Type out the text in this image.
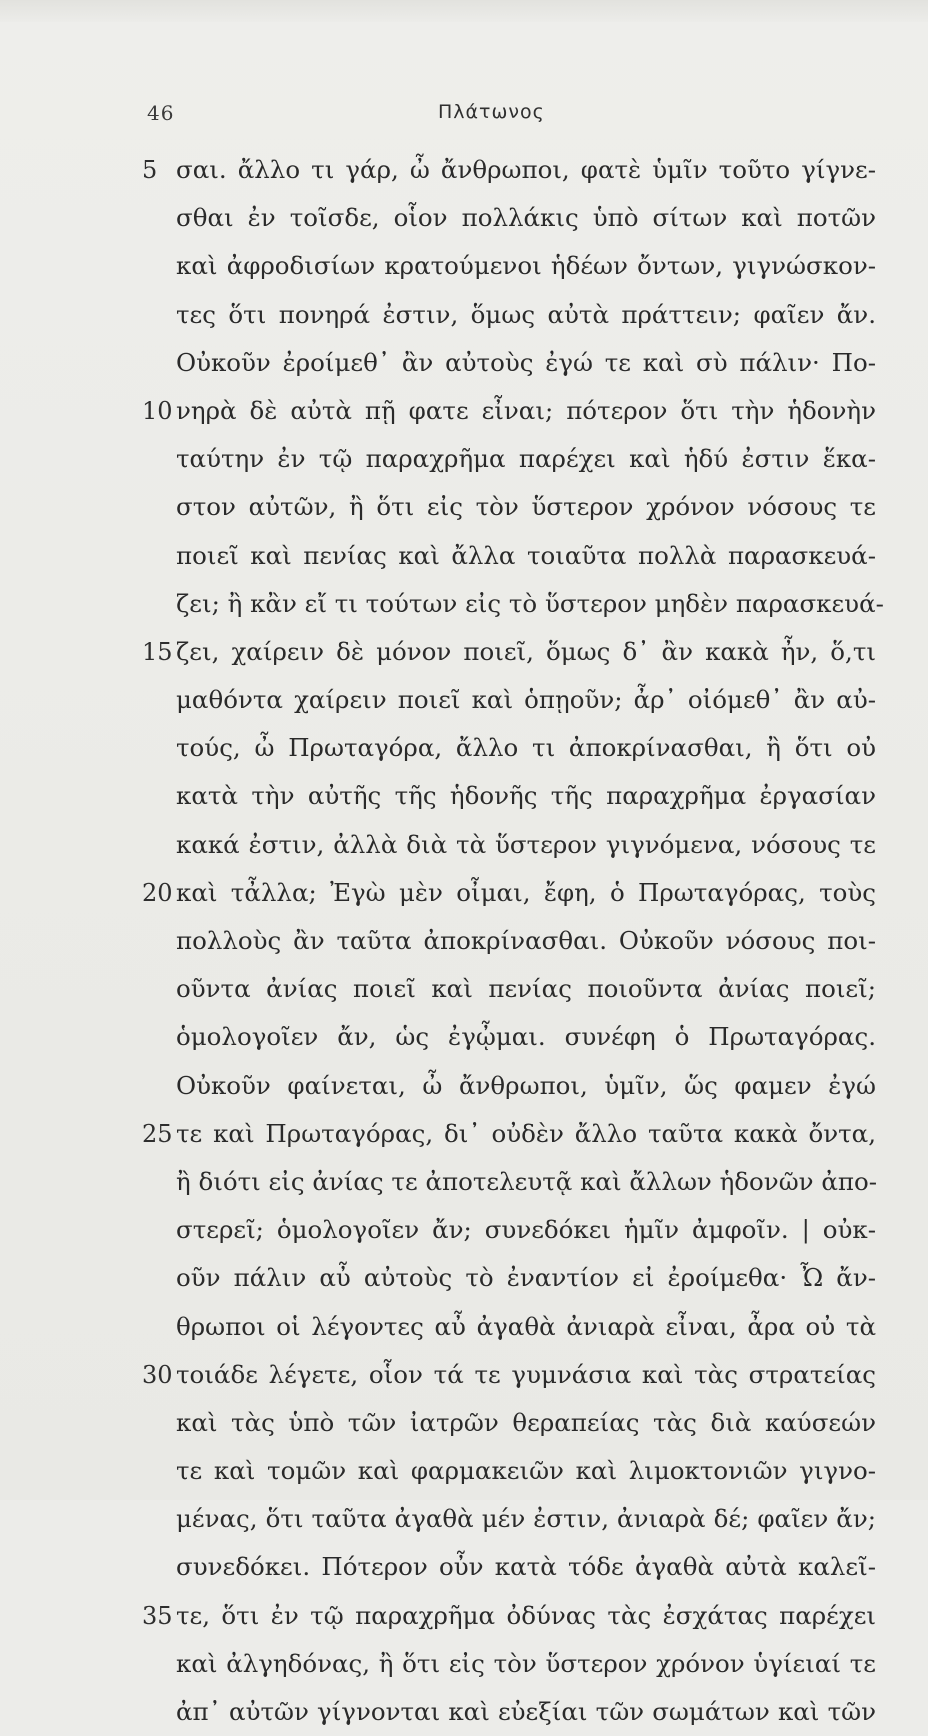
46	Πλάτωνος
5 σαι. ἄλλο τι γάρ, ὦ ἄνθρωποι, φατὲ ὑμῖν τοῦτο γίγνε-
σθαι ἐν τοῖσδε, οἷον πολλάκις ὑπὸ σίτων καὶ ποτῶν
καὶ ἀφροδισίων κρατούμενοι ἡδέων ὄντων, γιγνώσκον-
τες ὅτι πονηρά ἐστιν, ὅμως αὐτὰ πράττειν; φαῖεν ἄν.
Οὐκοῦν ἐροίμεθ᾽ ἂν αὐτοὺς ἐγώ τε καὶ σὺ πάλιν· Πο-
10 νηρὰ δὲ αὐτὰ πῇ φατε εἶναι; πότερον ὅτι τὴν ἡδονὴν
ταύτην ἐν τῷ παραχρῆμα παρέχει καὶ ἡδύ ἐστιν ἕκα-
στον αὐτῶν, ἢ ὅτι εἰς τὸν ὕστερον χρόνον νόσους τε
ποιεῖ καὶ πενίας καὶ ἄλλα τοιαῦτα πολλὰ παρασκευά-
ζει; ἢ κἂν εἴ τι τούτων εἰς τὸ ὕστερον μηδὲν παρασκευά-
15 ζει, χαίρειν δὲ μόνον ποιεῖ, ὅμως δ᾽ ἂν κακὰ ἦν, ὅ,τι
μαθόντα χαίρειν ποιεῖ καὶ ὁπῃοῦν; ἆρ᾽ οἰόμεθ᾽ ἂν αὐ-
τούς, ὦ Πρωταγόρα, ἄλλο τι ἀποκρίνασθαι, ἢ ὅτι οὐ
κατὰ τὴν αὐτῆς τῆς ἡδονῆς τῆς παραχρῆμα ἐργασίαν
κακά ἐστιν, ἀλλὰ διὰ τὰ ὕστερον γιγνόμενα, νόσους τε
20 καὶ τἆλλα; Ἐγὼ μὲν οἶμαι, ἔφη, ὁ Πρωταγόρας, τοὺς
πολλοὺς ἂν ταῦτα ἀποκρίνασθαι. Οὐκοῦν νόσους ποι-
οῦντα ἀνίας ποιεῖ καὶ πενίας ποιοῦντα ἀνίας ποιεῖ;
ὁμολογοῖεν ἄν, ὡς ἐγᾦμαι. συνέφη ὁ Πρωταγόρας.
Οὐκοῦν φαίνεται, ὦ ἄνθρωποι, ὑμῖν, ὥς φαμεν ἐγώ
25 τε καὶ Πρωταγόρας, δι᾽ οὐδὲν ἄλλο ταῦτα κακὰ ὄντα,
ἢ διότι εἰς ἀνίας τε ἀποτελευτᾷ καὶ ἄλλων ἡδονῶν ἀπο-
στερεῖ; ὁμολογοῖεν ἄν; συνεδόκει ἡμῖν ἀμφοῖν. | οὐκ-
οῦν πάλιν αὖ αὐτοὺς τὸ ἐναντίον εἰ ἐροίμεθα· Ὦ ἄν-
θρωποι οἱ λέγοντες αὖ ἀγαθὰ ἀνιαρὰ εἶναι, ἆρα οὐ τὰ
30 τοιάδε λέγετε, οἷον τά τε γυμνάσια καὶ τὰς στρατείας
καὶ τὰς ὑπὸ τῶν ἰατρῶν θεραπείας τὰς διὰ καύσεών
τε καὶ τομῶν καὶ φαρμακειῶν καὶ λιμοκτονιῶν γιγνο-
μένας, ὅτι ταῦτα ἀγαθὰ μέν ἐστιν, ἀνιαρὰ δέ; φαῖεν ἄν;
συνεδόκει. Πότερον οὖν κατὰ τόδε ἀγαθὰ αὐτὰ καλεῖ-
35 τε, ὅτι ἐν τῷ παραχρῆμα ὀδύνας τὰς ἐσχάτας παρέχει
καὶ ἀλγηδόνας, ἢ ὅτι εἰς τὸν ὕστερον χρόνον ὑγίειαί τε
ἀπ᾽ αὐτῶν γίγνονται καὶ εὐεξίαι τῶν σωμάτων καὶ τῶν
